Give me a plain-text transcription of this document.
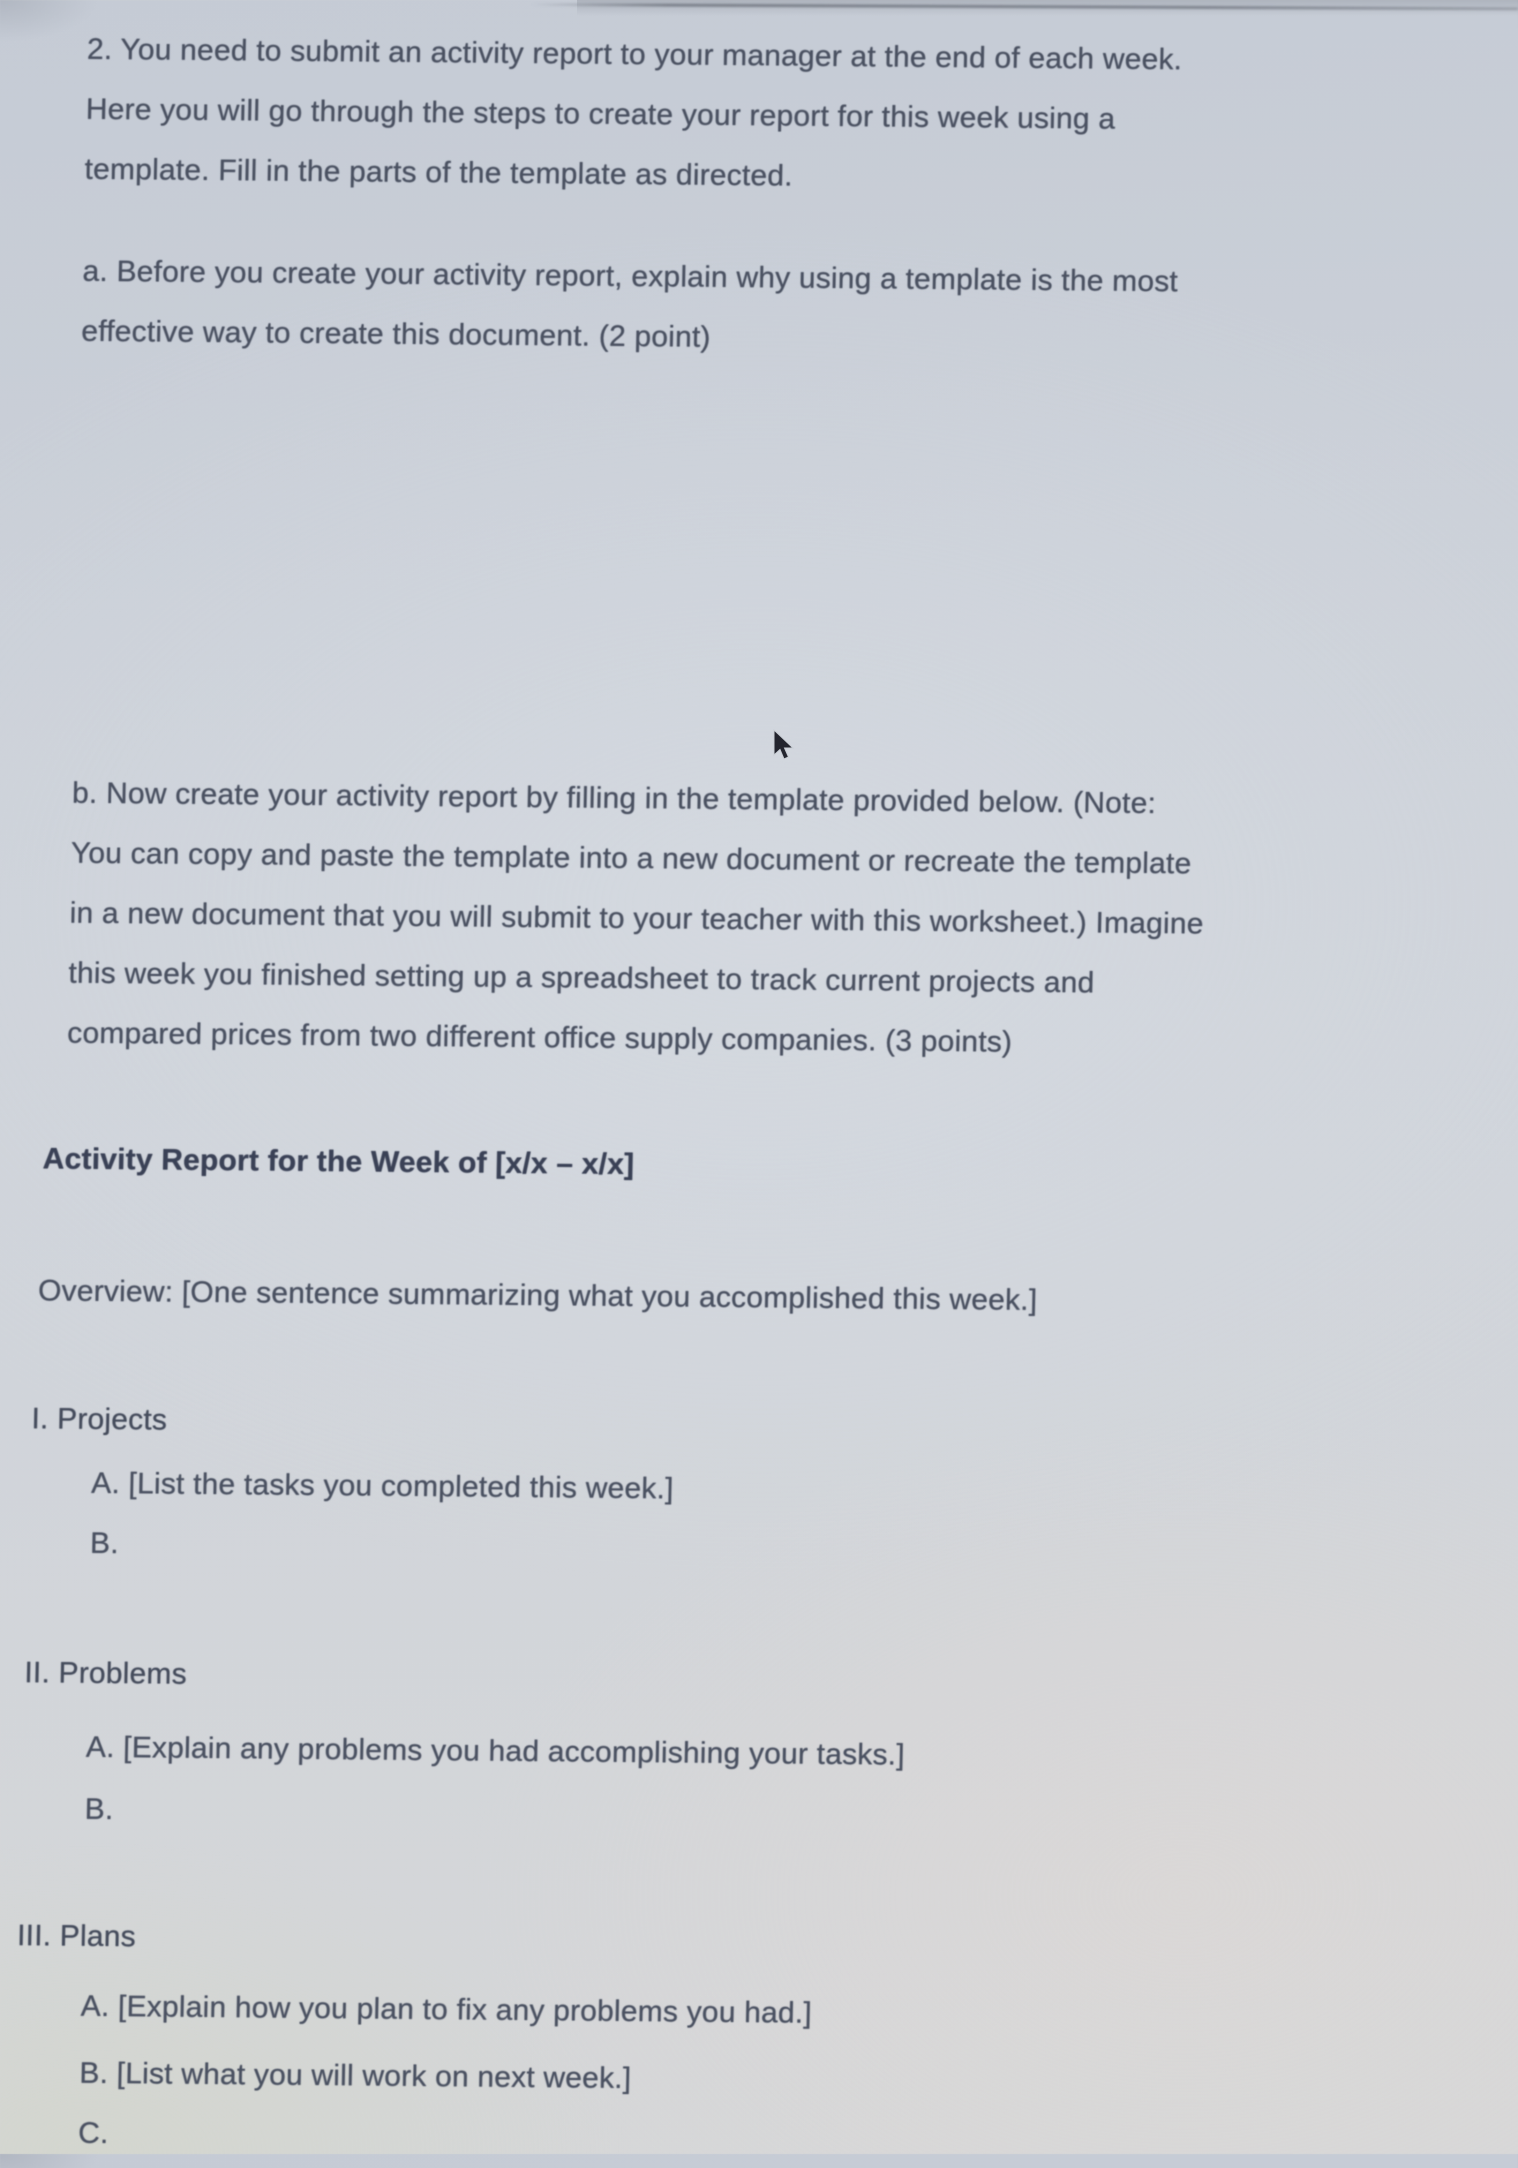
2. You need to submit an activity report to your manager at the end of each week.
Here you will go through the steps to create your report for this week using a
template. Fill in the parts of the template as directed.
a. Before you create your activity report, explain why using a template is the most
effective way to create this document. (2 point)
b. Now create your activity report by filling in the template provided below. (Note:
You can copy and paste the template into a new document or recreate the template
in a new document that you will submit to your teacher with this worksheet.) Imagine
this week you finished setting up a spreadsheet to track current projects and
compared prices from two different office supply companies. (3 points)
Activity Report for the Week of [x/x – x/x]
Overview: [One sentence summarizing what you accomplished this week.]
I. Projects
A. [List the tasks you completed this week.]
B.
II. Problems
A. [Explain any problems you had accomplishing your tasks.]
B.
III. Plans
A. [Explain how you plan to fix any problems you had.]
B. [List what you will work on next week.]
C.
